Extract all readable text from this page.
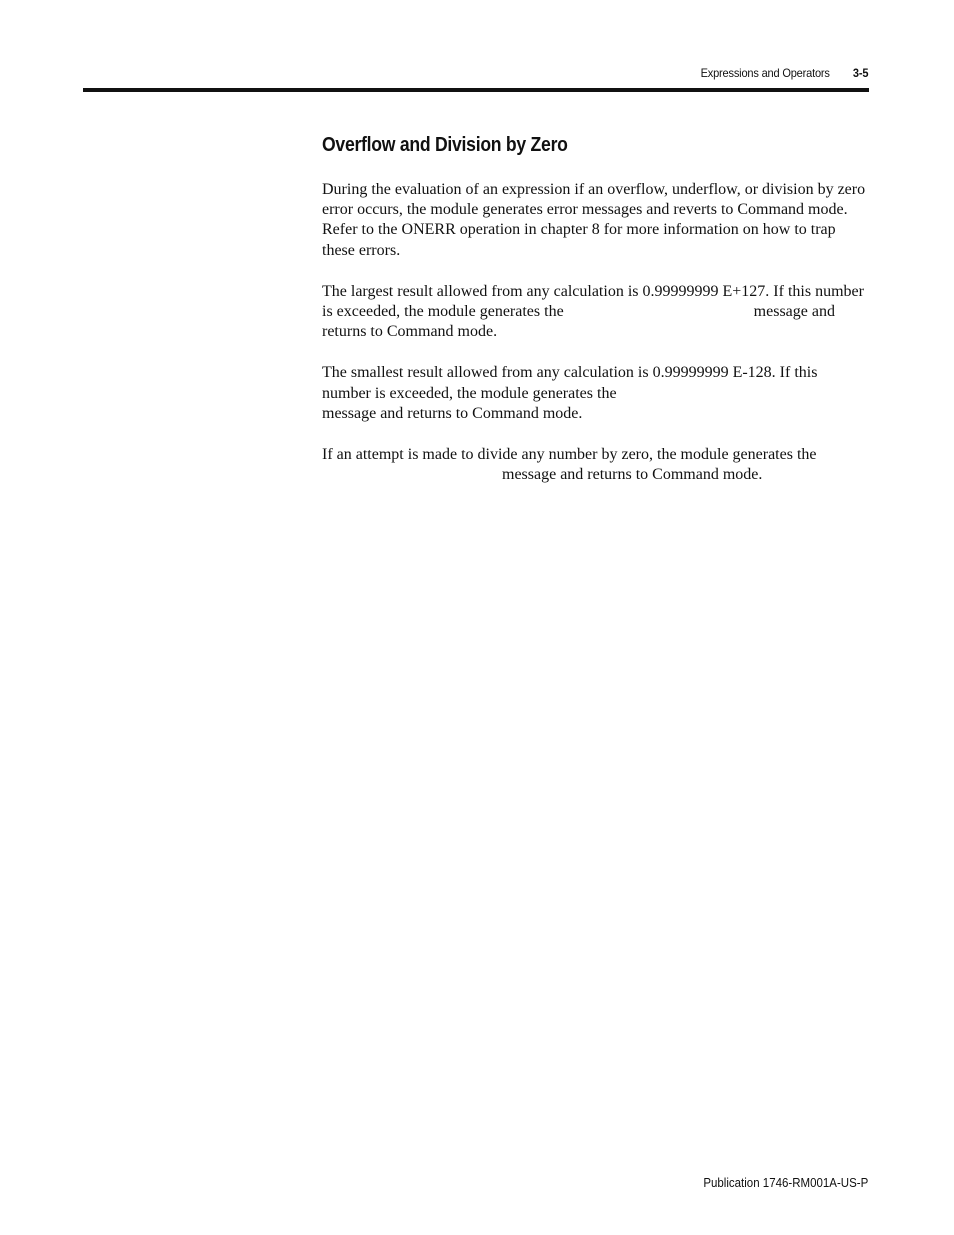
Expressions and Operators 3-5
Overflow and Division by Zero

During the evaluation of an expression if an overflow, underflow, or division by zero error occurs, the module generates error messages and reverts to Command mode. Refer to the ONERR operation in chapter 8 for more information on how to trap these errors.

The largest result allowed from any calculation is 0.99999999 E+127. If this number is exceeded, the module generates the	message and returns to Command mode.

The smallest result allowed from any calculation is 0.99999999 E-128. If this number is exceeded, the module generates the
message and returns to Command mode.

If an attempt is made to divide any number by zero, the module generates the
message and returns to Command mode.

Publication 1746-RM001A-US-P
